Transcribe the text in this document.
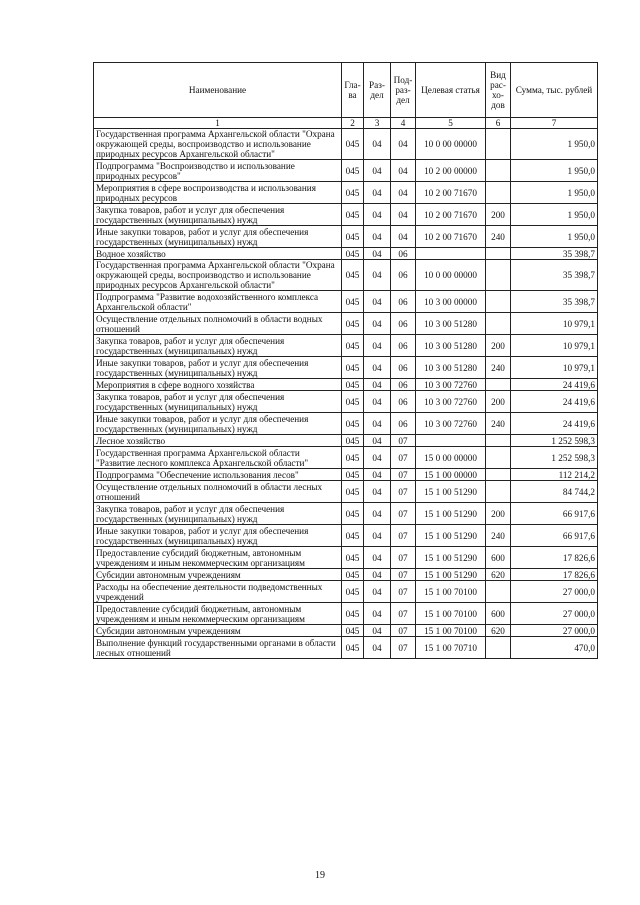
Наименование	Гла-ва	Раз-дел	Под-раз-дел	Целевая статья	Вид рас-хо-дов	Сумма, тыс. рублей
1	2	3	4	5	6	7
Государственная программа Архангельской области "Охрана окружающей среды, воспроизводство и использование природных ресурсов Архангельской области"	045	04	04	10 0 00 00000		1 950,0
Подпрограмма "Воспроизводство и использование природных ресурсов"	045	04	04	10 2 00 00000		1 950,0
Мероприятия в сфере воспроизводства и использования природных ресурсов	045	04	04	10 2 00 71670		1 950,0
Закупка товаров, работ и услуг для обеспечения государственных (муниципальных) нужд	045	04	04	10 2 00 71670	200	1 950,0
Иные закупки товаров, работ и услуг для обеспечения государственных (муниципальных) нужд	045	04	04	10 2 00 71670	240	1 950,0
Водное хозяйство	045	04	06			35 398,7
Государственная программа Архангельской области "Охрана окружающей среды, воспроизводство и использование природных ресурсов Архангельской области"	045	04	06	10 0 00 00000		35 398,7
Подпрограмма "Развитие водохозяйственного комплекса Архангельской области"	045	04	06	10 3 00 00000		35 398,7
Осуществление отдельных полномочий в области водных отношений	045	04	06	10 3 00 51280		10 979,1
Закупка товаров, работ и услуг для обеспечения государственных (муниципальных) нужд	045	04	06	10 3 00 51280	200	10 979,1
Иные закупки товаров, работ и услуг для обеспечения государственных (муниципальных) нужд	045	04	06	10 3 00 51280	240	10 979,1
Мероприятия в сфере водного хозяйства	045	04	06	10 3 00 72760		24 419,6
Закупка товаров, работ и услуг для обеспечения государственных (муниципальных) нужд	045	04	06	10 3 00 72760	200	24 419,6
Иные закупки товаров, работ и услуг для обеспечения государственных (муниципальных) нужд	045	04	06	10 3 00 72760	240	24 419,6
Лесное хозяйство	045	04	07			1 252 598,3
Государственная программа Архангельской области "Развитие лесного комплекса Архангельской области"	045	04	07	15 0 00 00000		1 252 598,3
Подпрограмма "Обеспечение использования лесов"	045	04	07	15 1 00 00000		112 214,2
Осуществление отдельных полномочий в области лесных отношений	045	04	07	15 1 00 51290		84 744,2
Закупка товаров, работ и услуг для обеспечения государственных (муниципальных) нужд	045	04	07	15 1 00 51290	200	66 917,6
Иные закупки товаров, работ и услуг для обеспечения государственных (муниципальных) нужд	045	04	07	15 1 00 51290	240	66 917,6
Предоставление субсидий бюджетным, автономным учреждениям и иным некоммерческим организациям	045	04	07	15 1 00 51290	600	17 826,6
Субсидии автономным учреждениям	045	04	07	15 1 00 51290	620	17 826,6
Расходы на обеспечение деятельности подведомственных учреждений	045	04	07	15 1 00 70100		27 000,0
Предоставление субсидий бюджетным, автономным учреждениям и иным некоммерческим организациям	045	04	07	15 1 00 70100	600	27 000,0
Субсидии автономным учреждениям	045	04	07	15 1 00 70100	620	27 000,0
Выполнение функций государственными органами в области лесных отношений	045	04	07	15 1 00 70710		470,0
19
